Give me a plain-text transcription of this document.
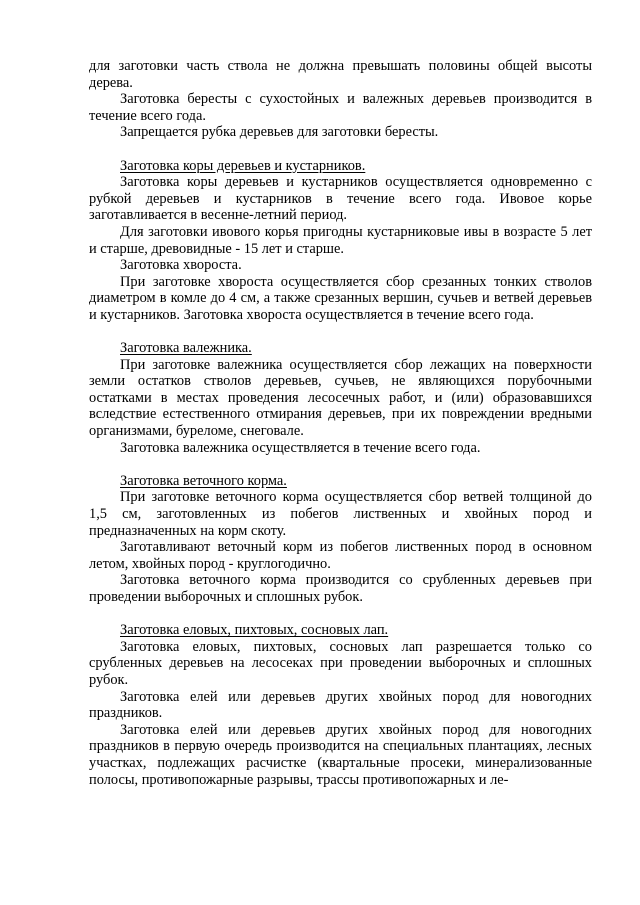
для заготовки часть ствола не должна превышать половины общей высоты дерева.
Заготовка бересты с сухостойных и валежных деревьев производится в течение всего года.
Запрещается рубка деревьев для заготовки бересты.
Заготовка коры деревьев и кустарников.
Заготовка коры деревьев и кустарников осуществляется одновременно с рубкой деревьев и кустарников в течение всего года. Ивовое корье заготавливается в весенне-летний период.
Для заготовки ивового корья пригодны кустарниковые ивы в возрасте 5 лет и старше, древовидные - 15 лет и старше.
Заготовка хвороста.
При заготовке хвороста осуществляется сбор срезанных тонких стволов диаметром в комле до 4 см, а также срезанных вершин, сучьев и ветвей деревьев и кустарников. Заготовка хвороста осуществляется в течение всего года.
Заготовка валежника.
При заготовке валежника осуществляется сбор лежащих на поверхности земли остатков стволов деревьев, сучьев, не являющихся порубочными остатками в местах проведения лесосечных работ, и (или) образовавшихся вследствие естественного отмирания деревьев, при их повреждении вредными организмами, буреломе, снеговале.
Заготовка валежника осуществляется в течение всего года.
Заготовка веточного корма.
При заготовке веточного корма осуществляется сбор ветвей толщиной до 1,5 см, заготовленных из побегов лиственных и хвойных пород и предназначенных на корм скоту.
Заготавливают веточный корм из побегов лиственных пород в основном летом, хвойных пород - круглогодично.
Заготовка веточного корма производится со срубленных деревьев при проведении выборочных и сплошных рубок.
Заготовка еловых, пихтовых, сосновых лап.
Заготовка еловых, пихтовых, сосновых лап разрешается только со срубленных деревьев на лесосеках при проведении выборочных и сплошных рубок.
Заготовка елей или деревьев других хвойных пород для новогодних праздников.
Заготовка елей или деревьев других хвойных пород для новогодних праздников в первую очередь производится на специальных плантациях, лесных участках, подлежащих расчистке (квартальные просеки, минерализованные полосы, противопожарные разрывы, трассы противопожарных и ле-
